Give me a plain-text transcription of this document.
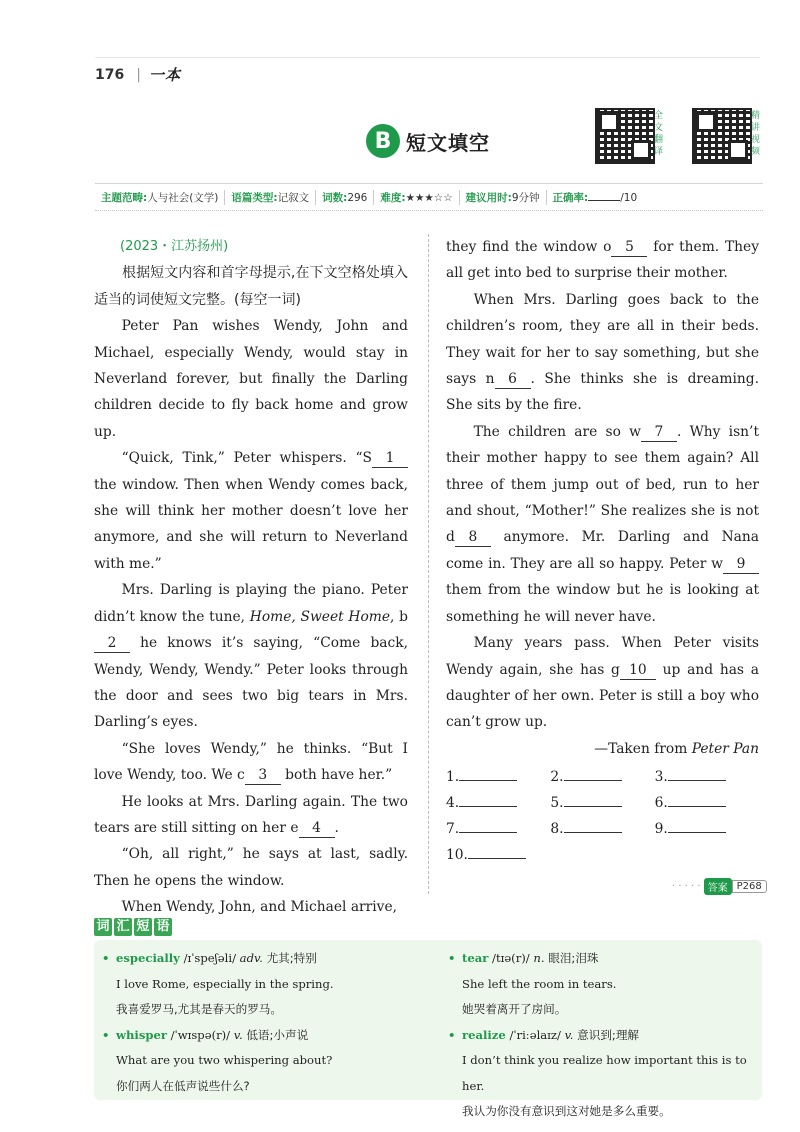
176 | 一本
B 短文填空
全
文
翻
译
精
讲
视
频
主题范畴:人与社会(文学)	语篇类型:记叙文	词数:296	难度:★★★☆☆	建议用时:9分钟	正确率:	/10
(2023・江苏扬州)
根据短文内容和首字母提示,在下文空格处填入适当的词使短文完整。(每空一词)

Peter Pan wishes Wendy, John and Michael, especially Wendy, would stay in Neverland forever, but finally the Darling children decide to fly back home and grow up.

“Quick, Tink,” Peter whispers. “S 1 the window. Then when Wendy comes back, she will think her mother doesn’t love her anymore, and she will return to Neverland with me.”

Mrs. Darling is playing the piano. Peter didn’t know the tune, Home, Sweet Home, b2 he knows it’s saying, “Come back, Wendy, Wendy, Wendy.” Peter looks through the door and sees two big tears in Mrs. Darling’s eyes.

“She loves Wendy,” he thinks. “But I love Wendy, too. We c 3 both have her.”

He looks at Mrs. Darling again. The two tears are still sitting on her e 4 .

“Oh, all right,” he says at last, sadly. Then he opens the window.

When Wendy, John, and Michael arrive,

they find the window o 5 for them. They all get into bed to surprise their mother.

When Mrs. Darling goes back to the children’s room, they are all in their beds. They wait for her to say something, but she says n 6 . She thinks she is dreaming. She sits by the fire.

The children are so w 7 . Why isn’t their mother happy to see them again? All three of them jump out of bed, run to her and shout, “Mother!” She realizes she is not d 8 anymore. Mr. Darling and Nana come in. They are all so happy. Peter w 9 them from the window but he is looking at something he will never have.

Many years pass. When Peter visits Wendy again, she has g 10 up and has a daughter of her own. Peter is still a boy who can’t grow up.

—Taken from Peter Pan
1.	2.	3.
4.	5.	6.
7.	8.	9.
10.
· · · · · 答案 P268
词 汇 短 语
• especially /ɪˈspeʃəli/ adv. 尤其;特别
I love Rome, especially in the spring.
我喜爱罗马,尤其是春天的罗马。
• whisper /ˈwɪspə(r)/ v. 低语;小声说
What are you two whispering about?
你们两人在低声说些什么?
• tear /tɪə(r)/ n. 眼泪;泪珠
She left the room in tears.
她哭着离开了房间。
• realize /ˈriːəlaɪz/ v. 意识到;理解
I don’t think you realize how important this is to her.
我认为你没有意识到这对她是多么重要。
